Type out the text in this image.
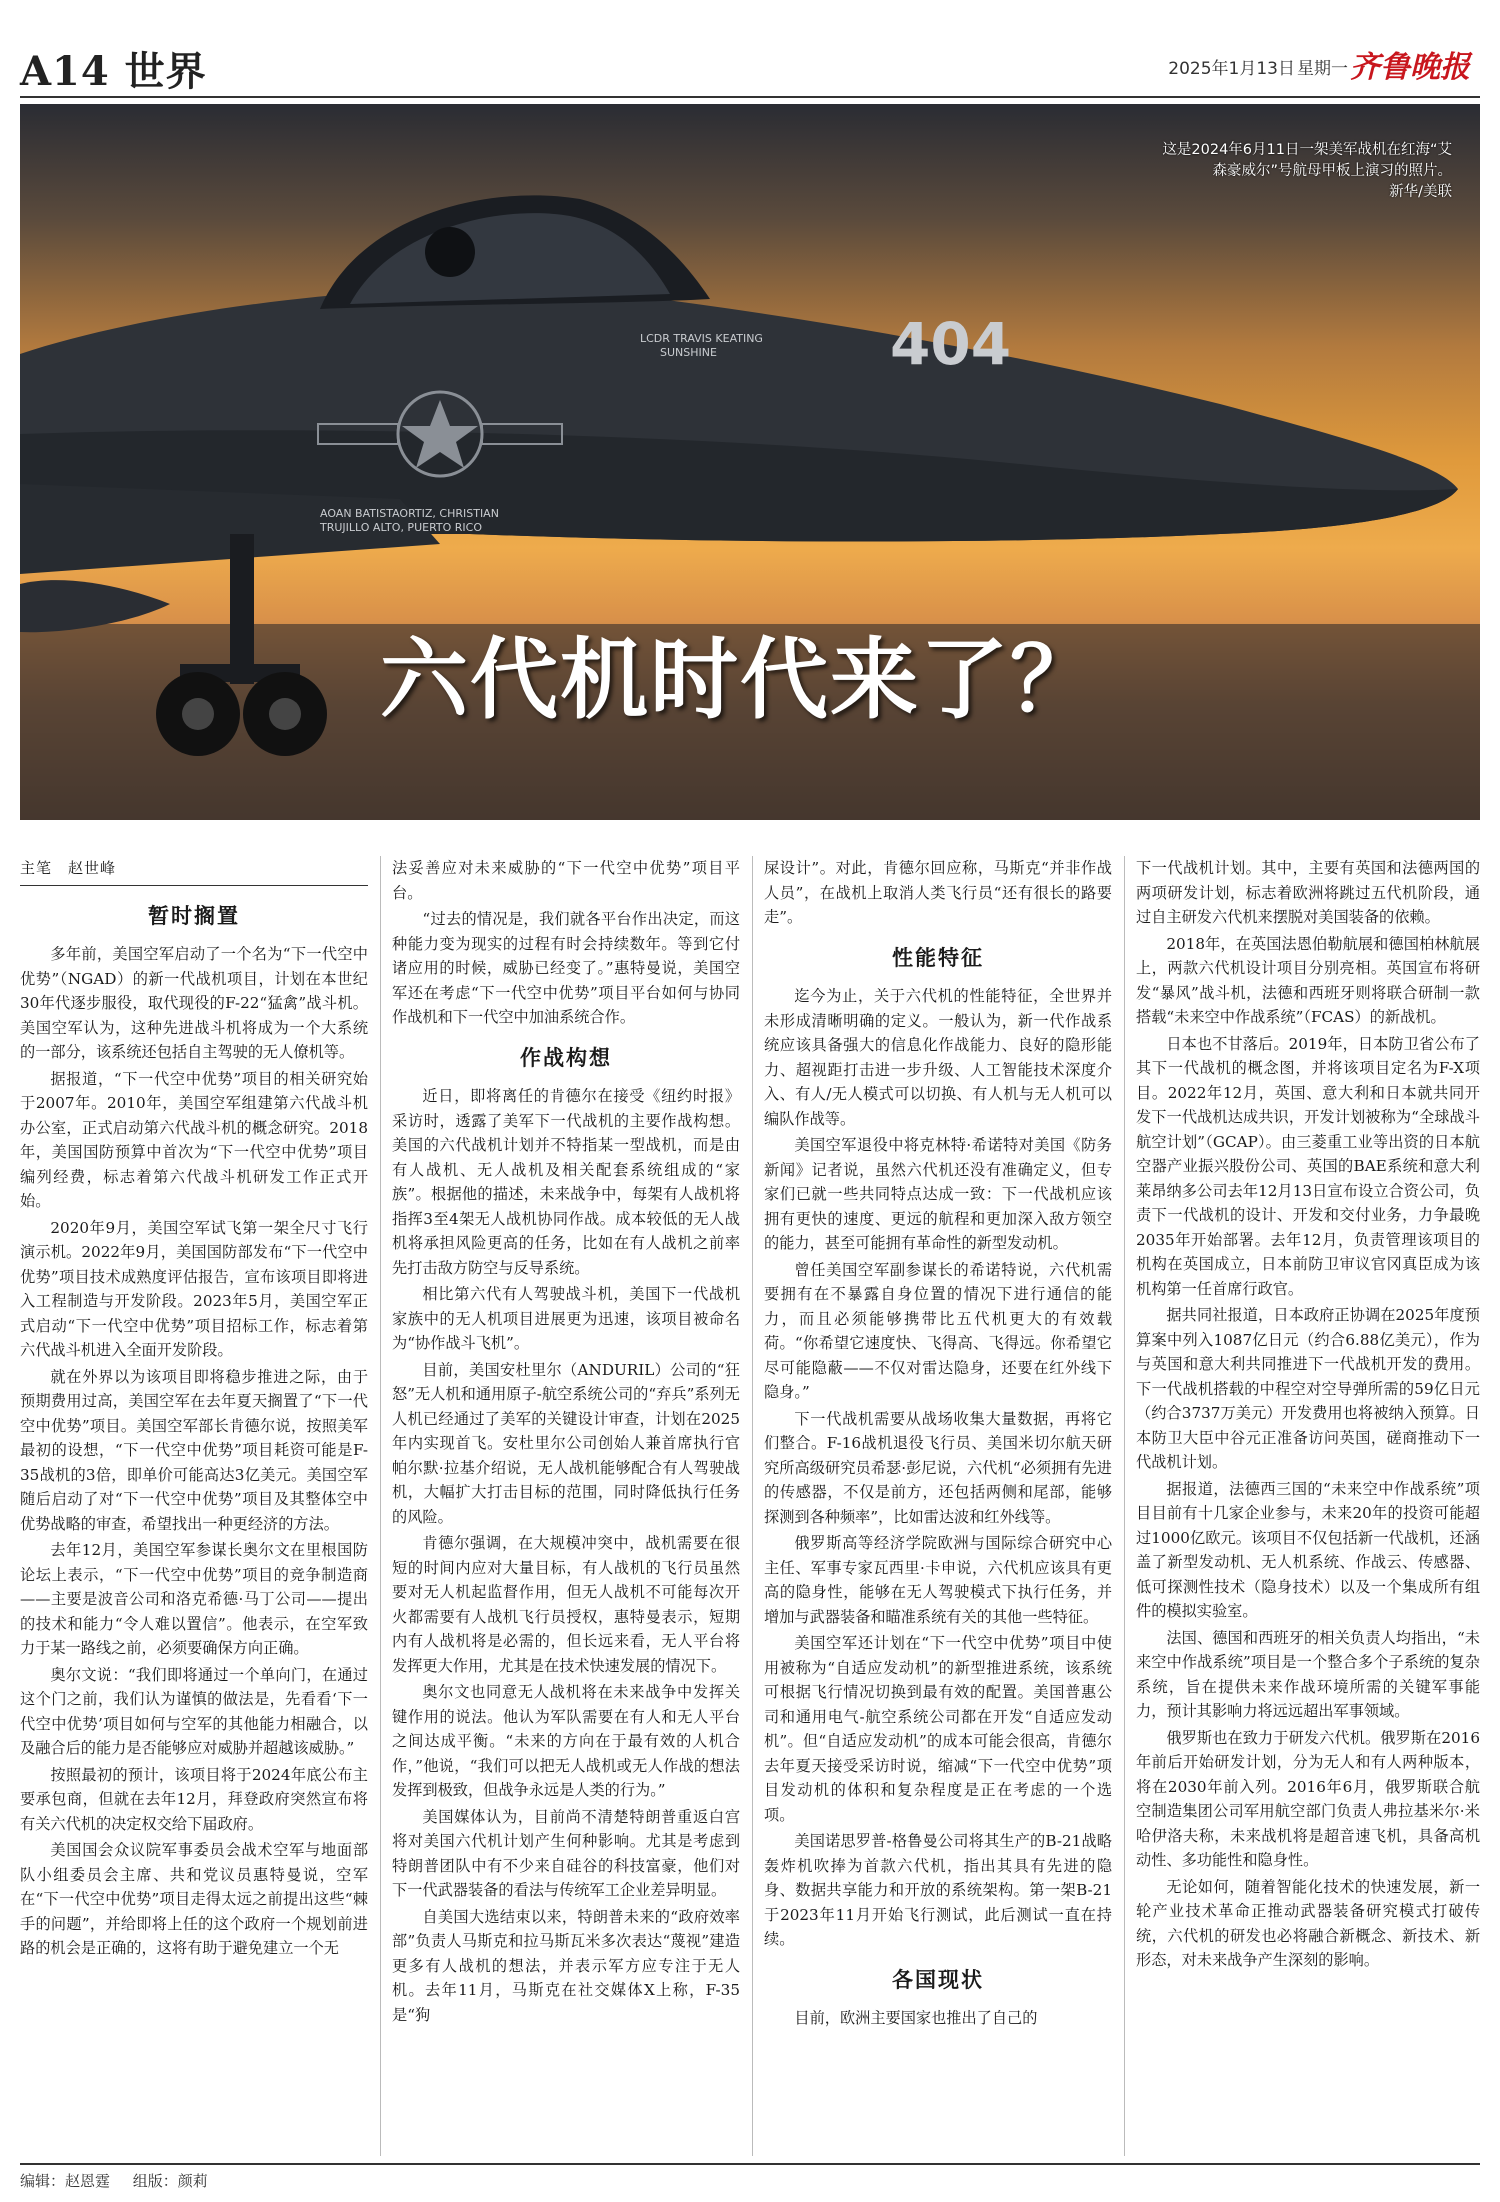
A14 世界	2025年1月13日 星期一 齐鲁晚报
404
LCDR TRAVIS KEATING
SUNSHINE
AOAN BATISTAORTIZ, CHRISTIAN
TRUJILLO ALTO, PUERTO RICO
这是2024年6月11日一架美军战机在红海“艾森豪威尔”号航母甲板上演习的照片。
新华/美联
六代机时代来了？
主笔　赵世峰
暂时搁置

多年前，美国空军启动了一个名为“下一代空中优势”（NGAD）的新一代战机项目，计划在本世纪30年代逐步服役，取代现役的F-22“猛禽”战斗机。美国空军认为，这种先进战斗机将成为一个大系统的一部分，该系统还包括自主驾驶的无人僚机等。

据报道，“下一代空中优势”项目的相关研究始于2007年。2010年，美国空军组建第六代战斗机办公室，正式启动第六代战斗机的概念研究。2018年，美国国防预算中首次为“下一代空中优势”项目编列经费，标志着第六代战斗机研发工作正式开始。

2020年9月，美国空军试飞第一架全尺寸飞行演示机。2022年9月，美国国防部发布“下一代空中优势”项目技术成熟度评估报告，宣布该项目即将进入工程制造与开发阶段。2023年5月，美国空军正式启动“下一代空中优势”项目招标工作，标志着第六代战斗机进入全面开发阶段。

就在外界以为该项目即将稳步推进之际，由于预期费用过高，美国空军在去年夏天搁置了“下一代空中优势”项目。美国空军部长肯德尔说，按照美军最初的设想，“下一代空中优势”项目耗资可能是F-35战机的3倍，即单价可能高达3亿美元。美国空军随后启动了对“下一代空中优势”项目及其整体空中优势战略的审查，希望找出一种更经济的方法。

去年12月，美国空军参谋长奥尔文在里根国防论坛上表示，“下一代空中优势”项目的竞争制造商——主要是波音公司和洛克希德·马丁公司——提出的技术和能力“令人难以置信”。他表示，在空军致力于某一路线之前，必须要确保方向正确。

奥尔文说：“我们即将通过一个单向门，在通过这个门之前，我们认为谨慎的做法是，先看看‘下一代空中优势’项目如何与空军的其他能力相融合，以及融合后的能力是否能够应对威胁并超越该威胁。”

按照最初的预计，该项目将于2024年底公布主要承包商，但就在去年12月，拜登政府突然宣布将有关六代机的决定权交给下届政府。

美国国会众议院军事委员会战术空军与地面部队小组委员会主席、共和党议员惠特曼说，空军在“下一代空中优势”项目走得太远之前提出这些“棘手的问题”，并给即将上任的这个政府一个规划前进路的机会是正确的，这将有助于避免建立一个无

法妥善应对未来威胁的“下一代空中优势”项目平台。

“过去的情况是，我们就各平台作出决定，而这种能力变为现实的过程有时会持续数年。等到它付诸应用的时候，威胁已经变了。”惠特曼说，美国空军还在考虑“下一代空中优势”项目平台如何与协同作战机和下一代空中加油系统合作。

作战构想

近日，即将离任的肯德尔在接受《纽约时报》采访时，透露了美军下一代战机的主要作战构想。美国的六代战机计划并不特指某一型战机，而是由有人战机、无人战机及相关配套系统组成的“家族”。根据他的描述，未来战争中，每架有人战机将指挥3至4架无人战机协同作战。成本较低的无人战机将承担风险更高的任务，比如在有人战机之前率先打击敌方防空与反导系统。

相比第六代有人驾驶战斗机，美国下一代战机家族中的无人机项目进展更为迅速，该项目被命名为“协作战斗飞机”。

目前，美国安杜里尔（ANDURIL）公司的“狂怒”无人机和通用原子-航空系统公司的“弃兵”系列无人机已经通过了美军的关键设计审查，计划在2025年内实现首飞。安杜里尔公司创始人兼首席执行官帕尔默·拉基介绍说，无人战机能够配合有人驾驶战机，大幅扩大打击目标的范围，同时降低执行任务的风险。

肯德尔强调，在大规模冲突中，战机需要在很短的时间内应对大量目标，有人战机的飞行员虽然要对无人机起监督作用，但无人战机不可能每次开火都需要有人战机飞行员授权，惠特曼表示，短期内有人战机将是必需的，但长远来看，无人平台将发挥更大作用，尤其是在技术快速发展的情况下。

奥尔文也同意无人战机将在未来战争中发挥关键作用的说法。他认为军队需要在有人和无人平台之间达成平衡。“未来的方向在于最有效的人机合作，”他说，“我们可以把无人战机或无人作战的想法发挥到极致，但战争永远是人类的行为。”

美国媒体认为，目前尚不清楚特朗普重返白宫将对美国六代机计划产生何种影响。尤其是考虑到特朗普团队中有不少来自硅谷的科技富豪，他们对下一代武器装备的看法与传统军工企业差异明显。

自美国大选结束以来，特朗普未来的“政府效率部”负责人马斯克和拉马斯瓦米多次表达“蔑视”建造更多有人战机的想法，并表示军方应专注于无人机。去年11月，马斯克在社交媒体X上称，F-35是“狗

屎设计”。对此，肯德尔回应称，马斯克“并非作战人员”，在战机上取消人类飞行员“还有很长的路要走”。

性能特征

迄今为止，关于六代机的性能特征，全世界并未形成清晰明确的定义。一般认为，新一代作战系统应该具备强大的信息化作战能力、良好的隐形能力、超视距打击进一步升级、人工智能技术深度介入、有人/无人模式可以切换、有人机与无人机可以编队作战等。

美国空军退役中将克林特·希诺特对美国《防务新闻》记者说，虽然六代机还没有准确定义，但专家们已就一些共同特点达成一致：下一代战机应该拥有更快的速度、更远的航程和更加深入敌方领空的能力，甚至可能拥有革命性的新型发动机。

曾任美国空军副参谋长的希诺特说，六代机需要拥有在不暴露自身位置的情况下进行通信的能力，而且必须能够携带比五代机更大的有效载荷。“你希望它速度快、飞得高、飞得远。你希望它尽可能隐蔽——不仅对雷达隐身，还要在红外线下隐身。”

下一代战机需要从战场收集大量数据，再将它们整合。F-16战机退役飞行员、美国米切尔航天研究所高级研究员希瑟·彭尼说，六代机“必须拥有先进的传感器，不仅是前方，还包括两侧和尾部，能够探测到各种频率”，比如雷达波和红外线等。

俄罗斯高等经济学院欧洲与国际综合研究中心主任、军事专家瓦西里·卡申说，六代机应该具有更高的隐身性，能够在无人驾驶模式下执行任务，并增加与武器装备和瞄准系统有关的其他一些特征。

美国空军还计划在“下一代空中优势”项目中使用被称为“自适应发动机”的新型推进系统，该系统可根据飞行情况切换到最有效的配置。美国普惠公司和通用电气-航空系统公司都在开发“自适应发动机”。但“自适应发动机”的成本可能会很高，肯德尔去年夏天接受采访时说，缩减“下一代空中优势”项目发动机的体积和复杂程度是正在考虑的一个选项。

美国诺思罗普-格鲁曼公司将其生产的B-21战略轰炸机吹捧为首款六代机，指出其具有先进的隐身、数据共享能力和开放的系统架构。第一架B-21于2023年11月开始飞行测试，此后测试一直在持续。

各国现状

目前，欧洲主要国家也推出了自己的

下一代战机计划。其中，主要有英国和法德两国的两项研发计划，标志着欧洲将跳过五代机阶段，通过自主研发六代机来摆脱对美国装备的依赖。

2018年，在英国法恩伯勒航展和德国柏林航展上，两款六代机设计项目分别亮相。英国宣布将研发“暴风”战斗机，法德和西班牙则将联合研制一款搭载“未来空中作战系统”（FCAS）的新战机。

日本也不甘落后。2019年，日本防卫省公布了其下一代战机的概念图，并将该项目定名为F-X项目。2022年12月，英国、意大利和日本就共同开发下一代战机达成共识，开发计划被称为“全球战斗航空计划”（GCAP）。由三菱重工业等出资的日本航空器产业振兴股份公司、英国的BAE系统和意大利莱昂纳多公司去年12月13日宣布设立合资公司，负责下一代战机的设计、开发和交付业务，力争最晚2035年开始部署。去年12月，负责管理该项目的机构在英国成立，日本前防卫审议官冈真臣成为该机构第一任首席行政官。

据共同社报道，日本政府正协调在2025年度预算案中列入1087亿日元（约合6.88亿美元），作为与英国和意大利共同推进下一代战机开发的费用。下一代战机搭载的中程空对空导弹所需的59亿日元（约合3737万美元）开发费用也将被纳入预算。日本防卫大臣中谷元正准备访问英国，磋商推动下一代战机计划。

据报道，法德西三国的“未来空中作战系统”项目目前有十几家企业参与，未来20年的投资可能超过1000亿欧元。该项目不仅包括新一代战机，还涵盖了新型发动机、无人机系统、作战云、传感器、低可探测性技术（隐身技术）以及一个集成所有组件的模拟实验室。

法国、德国和西班牙的相关负责人均指出，“未来空中作战系统”项目是一个整合多个子系统的复杂系统，旨在提供未来作战环境所需的关键军事能力，预计其影响力将远远超出军事领域。

俄罗斯也在致力于研发六代机。俄罗斯在2016年前后开始研发计划，分为无人和有人两种版本，将在2030年前入列。2016年6月，俄罗斯联合航空制造集团公司军用航空部门负责人弗拉基米尔·米哈伊洛夫称，未来战机将是超音速飞机，具备高机动性、多功能性和隐身性。

无论如何，随着智能化技术的快速发展，新一轮产业技术革命正推动武器装备研究模式打破传统，六代机的研发也必将融合新概念、新技术、新形态，对未来战争产生深刻的影响。

编辑：赵恩霆 组版：颜莉
